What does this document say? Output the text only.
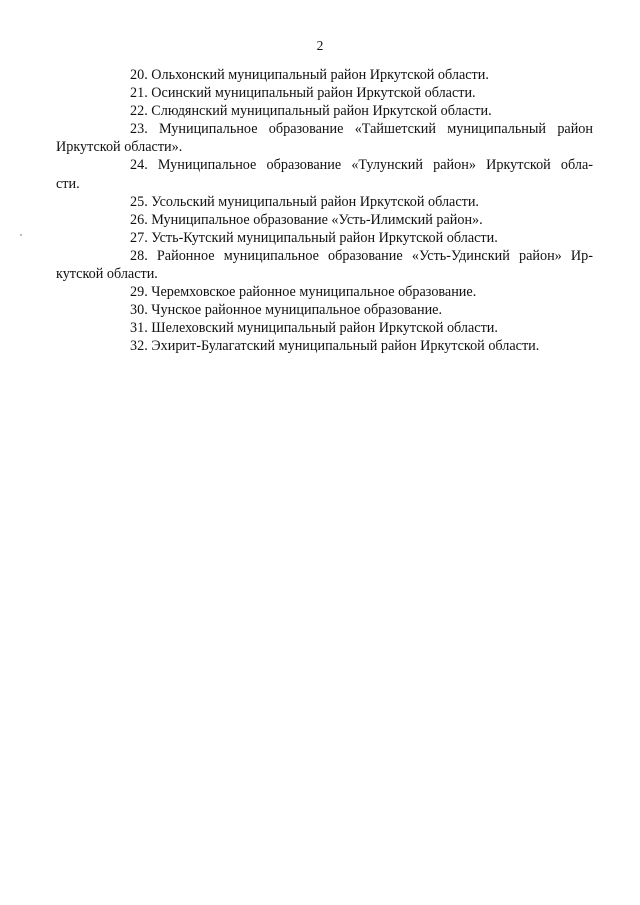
2

20. Ольхонский муниципальный район Иркутской области.

21. Осинский муниципальный район Иркутской области.

22. Слюдянский муниципальный район Иркутской области.

23. Муниципальное образование «Тайшетский муниципальный район
Иркутской области».

24. Муниципальное образование «Тулунский район» Иркутской обла-
сти.

25. Усольский муниципальный район Иркутской области.

26. Муниципальное образование «Усть-Илимский район».

27. Усть-Кутский муниципальный район Иркутской области.

28. Районное муниципальное образование «Усть-Удинский район» Ир-
кутской области.

29. Черемховское районное муниципальное образование.

30. Чунское районное муниципальное образование.

31. Шелеховский муниципальный район Иркутской области.

32. Эхирит-Булагатский муниципальный район Иркутской области.
